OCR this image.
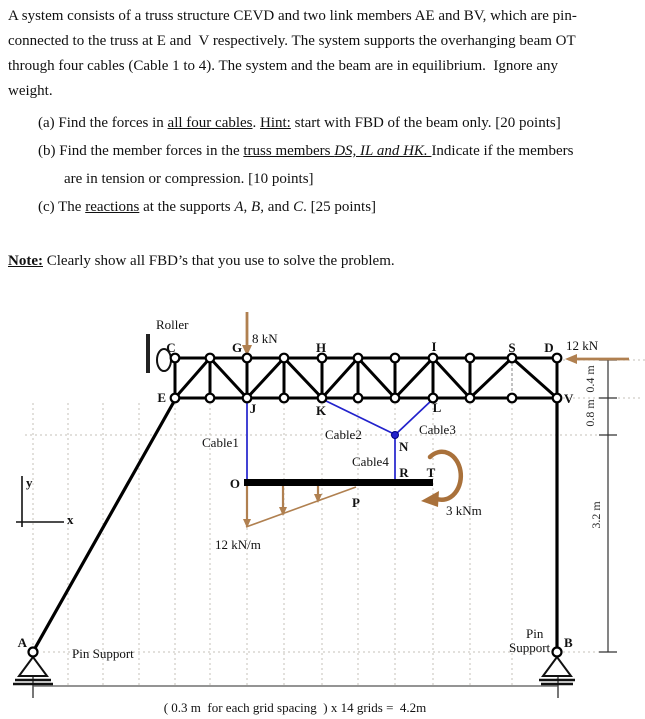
A system consists of a truss structure CEVD and two link members AE and BV, which are pin-
connected to the truss at E and  V respectively. The system supports the overhanging beam OT
through four cables (Cable 1 to 4). The system and the beam are in equilibrium.  Ignore any
weight.
(a) Find the forces in all four cables. Hint: start with FBD of the beam only. [20 points]
(b) Find the member forces in the truss members DS, IL and HK. Indicate if the members
are in tension or compression. [10 points]
(c) The reactions at the supports A, B, and C. [25 points]
Note: Clearly show all FBD’s that you use to solve the problem.
y
x
C	G	H	I	S D
E
J	K	L
V
A	B
O
P
R T
N
Roller
Pin Support
Pin
Support
Cable1
Cable2	Cable3
Cable4
8 kN	12 kN
12 kN/m
3 kNm
0.4 m
0.8 m
3.2 m
( 0.3 m  for each grid spacing  ) x 14 grids =  4.2m
